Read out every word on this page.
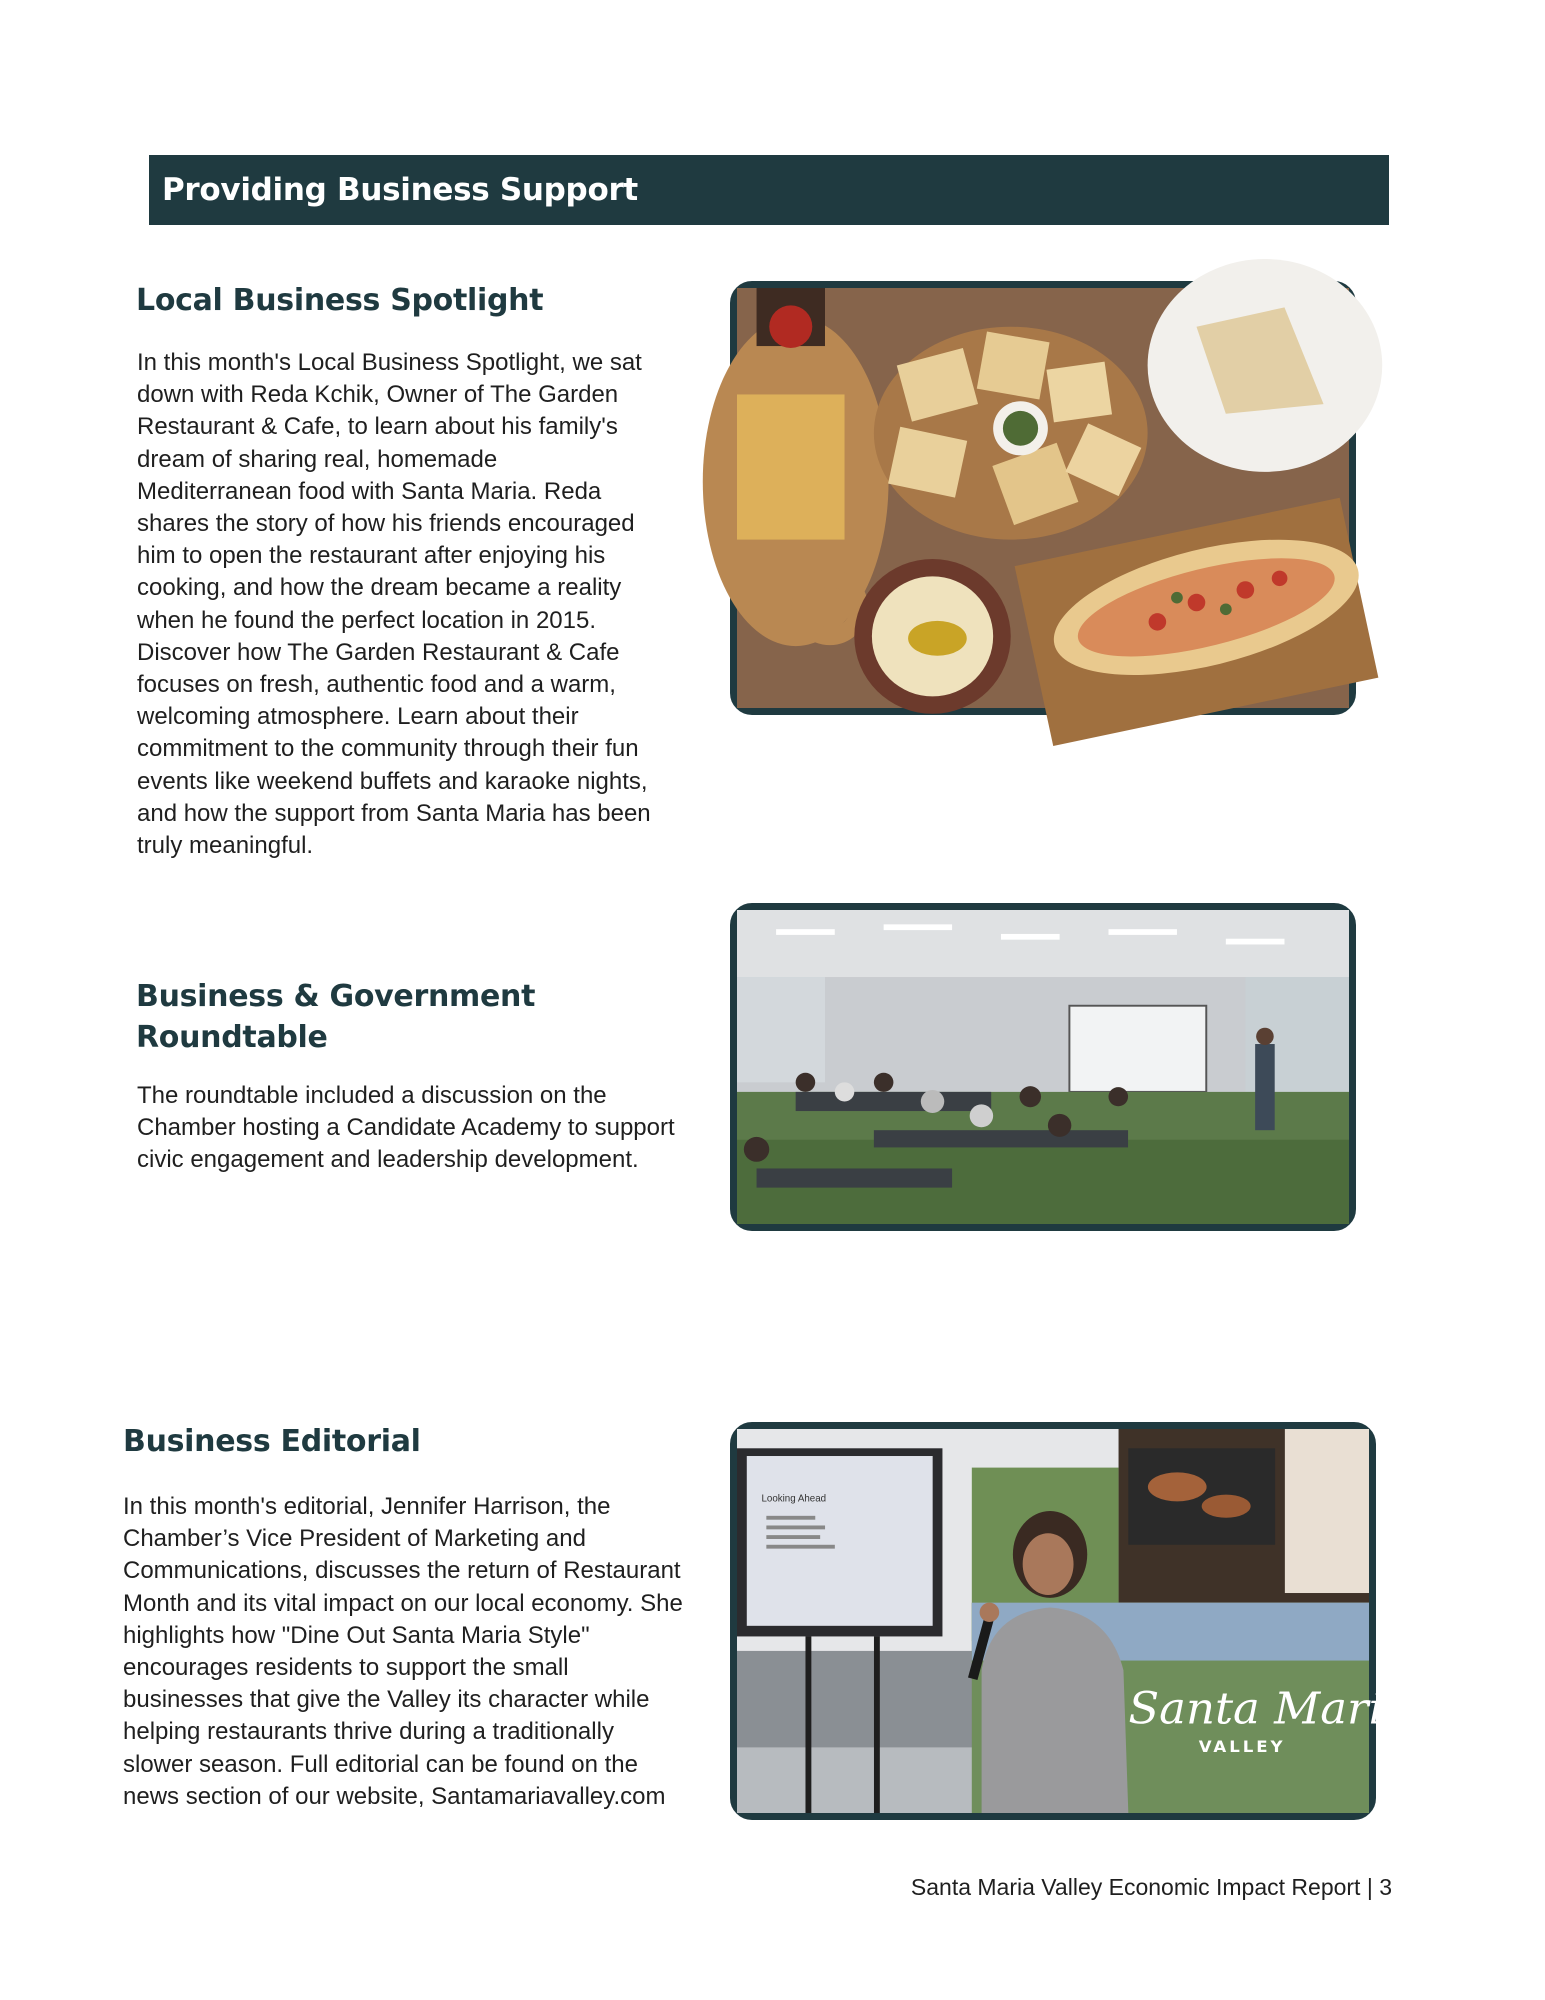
Providing Business Support
Local Business Spotlight

In this month's Local Business Spotlight, we sat down with Reda Kchik, Owner of The Garden Restaurant & Cafe, to learn about his family's dream of sharing real, homemade Mediterranean food with Santa Maria. Reda shares the story of how his friends encouraged him to open the restaurant after enjoying his cooking, and how the dream became a reality when he found the perfect location in 2015. Discover how The Garden Restaurant & Cafe focuses on fresh, authentic food and a warm, welcoming atmosphere. Learn about their commitment to the community through their fun events like weekend buffets and karaoke nights, and how the support from Santa Maria has been truly meaningful.

Business & Government
Roundtable

The roundtable included a discussion on the Chamber hosting a Candidate Academy to support civic engagement and leadership development.

Business Editorial

In this month's editorial, Jennifer Harrison, the Chamber’s Vice President of Marketing and Communications, discusses the return of Restaurant Month and its vital impact on our local economy. She highlights how "Dine Out Santa Maria Style" encourages residents to support the small businesses that give the Valley its character while helping restaurants thrive during a traditionally slower season. Full editorial can be found on the news section of our website, Santamariavalley.com

Looking Ahead
Santa Maria
VALLEY
Santa Maria Valley Economic Impact Report | 3
